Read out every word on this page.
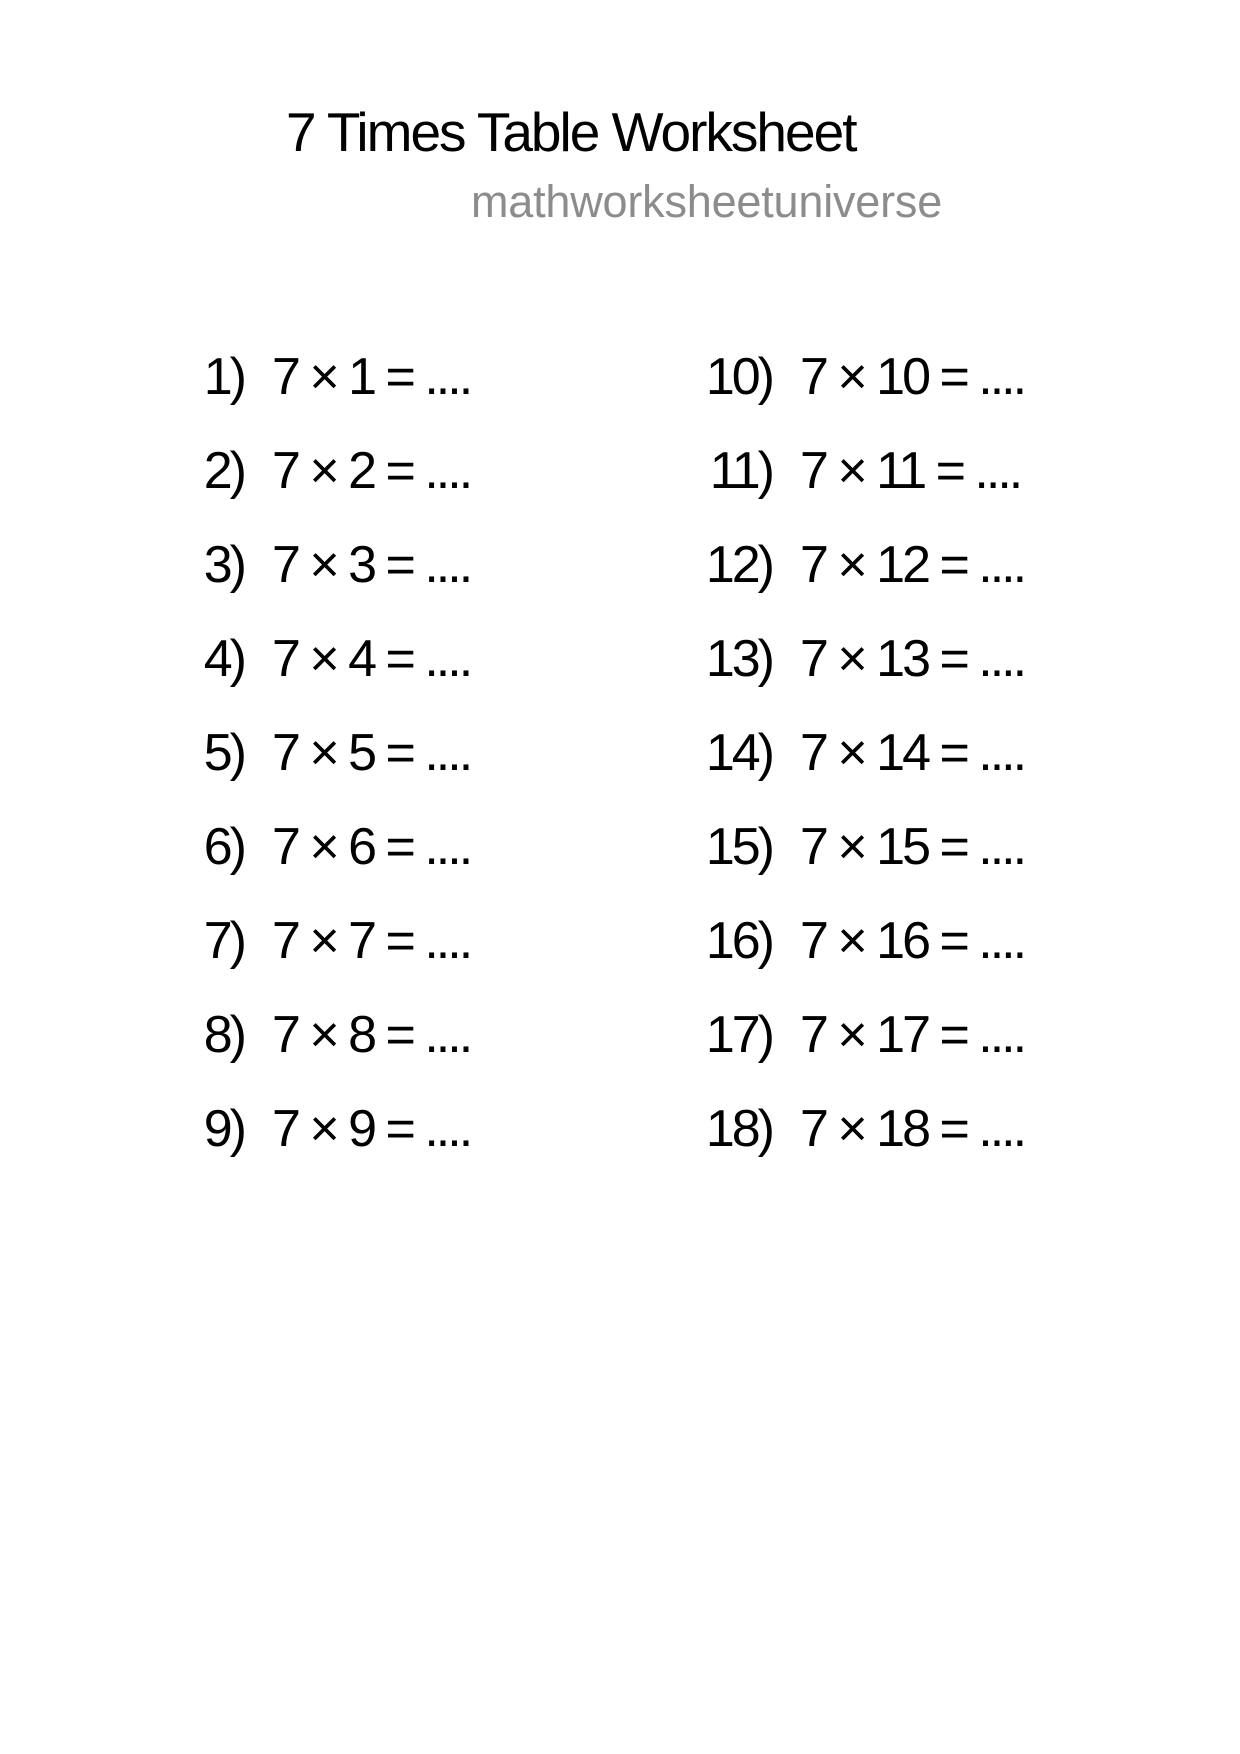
7 Times Table Worksheet
mathworksheetuniverse
1) 7 × 1 = ....
2) 7 × 2 = ....
3) 7 × 3 = ....
4) 7 × 4 = ....
5) 7 × 5 = ....
6) 7 × 6 = ....
7) 7 × 7 = ....
8) 7 × 8 = ....
9) 7 × 9 = ....
10) 7 × 10 = ....
11) 7 × 11 = ....
12) 7 × 12 = ....
13) 7 × 13 = ....
14) 7 × 14 = ....
15) 7 × 15 = ....
16) 7 × 16 = ....
17) 7 × 17 = ....
18) 7 × 18 = ....
